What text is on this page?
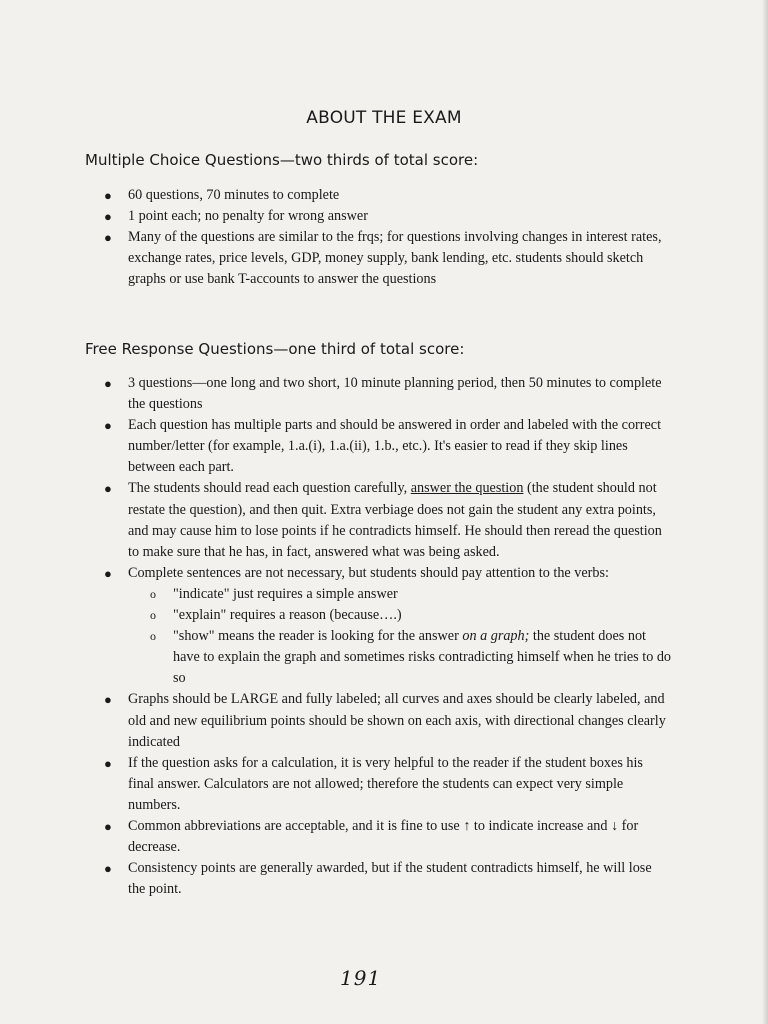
ABOUT THE EXAM
Multiple Choice Questions—two thirds of total score:
● 60 questions, 70 minutes to complete
● 1 point each; no penalty for wrong answer
● Many of the questions are similar to the frqs; for questions involving changes in interest rates, exchange rates, price levels, GDP, money supply, bank lending, etc. students should sketch graphs or use bank T-accounts to answer the questions
Free Response Questions—one third of total score:
● 3 questions—one long and two short, 10 minute planning period, then 50 minutes to complete the questions
● Each question has multiple parts and should be answered in order and labeled with the correct number/letter (for example, 1.a.(i), 1.a.(ii), 1.b., etc.). It's easier to read if they skip lines between each part.
● The students should read each question carefully, answer the question (the student should not restate the question), and then quit. Extra verbiage does not gain the student any extra points, and may cause him to lose points if he contradicts himself. He should then reread the question to make sure that he has, in fact, answered what was being asked.
● Complete sentences are not necessary, but students should pay attention to the verbs:
o "indicate" just requires a simple answer
o "explain" requires a reason (because….)
o "show" means the reader is looking for the answer on a graph; the student does not have to explain the graph and sometimes risks contradicting himself when he tries to do so
● Graphs should be LARGE and fully labeled; all curves and axes should be clearly labeled, and old and new equilibrium points should be shown on each axis, with directional changes clearly indicated
● If the question asks for a calculation, it is very helpful to the reader if the student boxes his final answer. Calculators are not allowed; therefore the students can expect very simple numbers.
● Common abbreviations are acceptable, and it is fine to use ↑ to indicate increase and ↓ for decrease.
● Consistency points are generally awarded, but if the student contradicts himself, he will lose the point.
191
